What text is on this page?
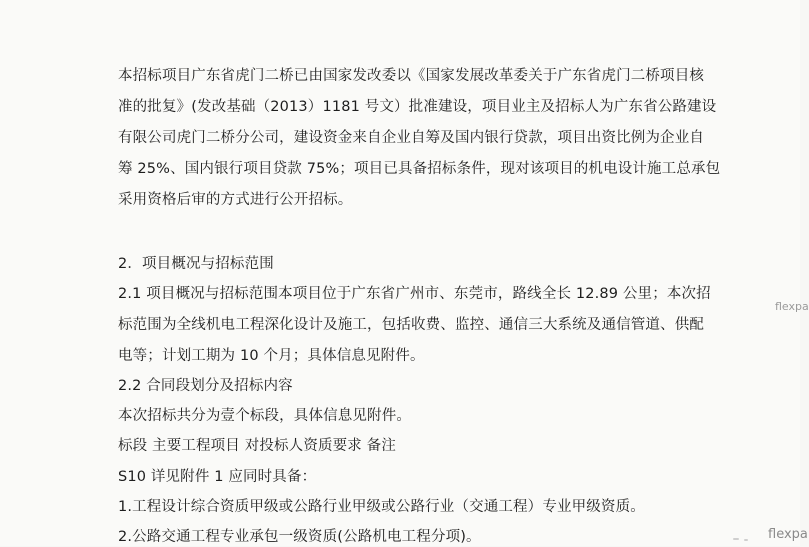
本招标项目广东省虎门二桥已由国家发改委以《国家发展改革委关于广东省虎门二桥项目核
准的批复》(发改基础（2013）1181 号文）批准建设，项目业主及招标人为广东省公路建设
有限公司虎门二桥分公司，建设资金来自企业自筹及国内银行贷款，项目出资比例为企业自
筹 25%、国内银行项目贷款 75%；项目已具备招标条件，现对该项目的机电设计施工总承包
采用资格后审的方式进行公开招标。
2．项目概况与招标范围
2.1 项目概况与招标范围本项目位于广东省广州市、东莞市，路线全长 12.89 公里；本次招
标范围为全线机电工程深化设计及施工，包括收费、监控、通信三大系统及通信管道、供配
电等；计划工期为 10 个月；具体信息见附件。
2.2 合同段划分及招标内容
本次招标共分为壹个标段，具体信息见附件。
标段 主要工程项目 对投标人资质要求 备注
S10 详见附件 1 应同时具备：
1.工程设计综合资质甲级或公路行业甲级或公路行业（交通工程）专业甲级资质。
2.公路交通工程专业承包一级资质(公路机电工程分项)。
flexpa
flexpa
